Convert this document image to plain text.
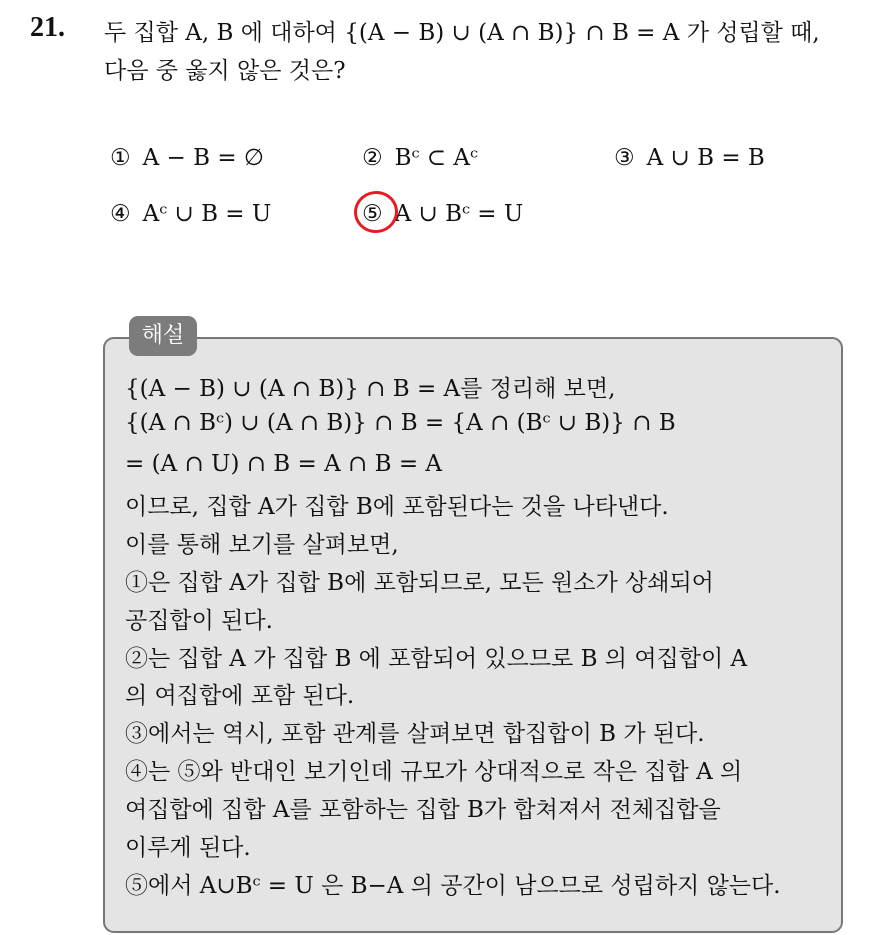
21. 두 집합 A, B 에 대하여 {(A − B) ∪ (A ∩ B)} ∩ B = A 가 성립할 때,
다음 중 옳지 않은 것은?
① A − B = ∅	② Bᶜ ⊂ Aᶜ	③ A ∪ B = B
④ Aᶜ ∪ B = U	⑤ A ∪ Bᶜ = U
해설
{(A − B) ∪ (A ∩ B)} ∩ B = A를 정리해 보면,
{(A ∩ Bᶜ) ∪ (A ∩ B)} ∩ B = {A ∩ (Bᶜ ∪ B)} ∩ B
= (A ∩ U) ∩ B = A ∩ B = A
이므로, 집합 A가 집합 B에 포함된다는 것을 나타낸다.
이를 통해 보기를 살펴보면,
①은 집합 A가 집합 B에 포함되므로, 모든 원소가 상쇄되어
공집합이 된다.
②는 집합 A 가 집합 B 에 포함되어 있으므로 B 의 여집합이 A
의 여집합에 포함 된다.
③에서는 역시, 포함 관계를 살펴보면 합집합이 B 가 된다.
④는 ⑤와 반대인 보기인데 규모가 상대적으로 작은 집합 A 의
여집합에 집합 A를 포함하는 집합 B가 합쳐져서 전체집합을
이루게 된다.
⑤에서 A∪Bᶜ = U 은 B−A 의 공간이 남으므로 성립하지 않는다.
